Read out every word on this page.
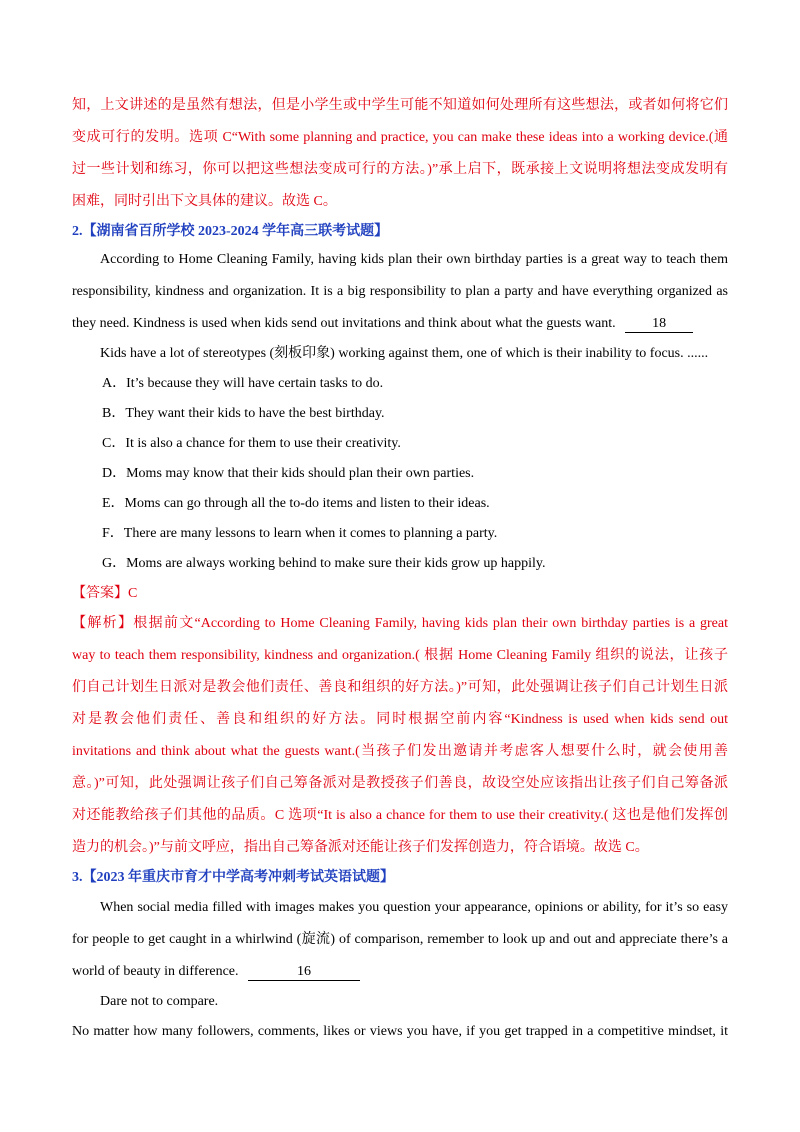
知，上文讲述的是虽然有想法，但是小学生或中学生可能不知道如何处理所有这些想法，或者如何将它们
变成可行的发明。选项 C“With some planning and practice, you can make these ideas into a working device.(通
过一些计划和练习，你可以把这些想法变成可行的方法。)”承上启下，既承接上文说明将想法变成发明有
困难，同时引出下文具体的建议。故选 C。
2.【湖南省百所学校 2023-2024 学年高三联考试题】
According to Home Cleaning Family, having kids plan their own birthday parties is a great way to teach them
responsibility, kindness and organization. It is a big responsibility to plan a party and have everything organized as
they need. Kindness is used when kids send out invitations and think about what the guests want.	18
Kids have a lot of stereotypes (刻板印象) working against them, one of which is their inability to focus. ......
A．It’s because they will have certain tasks to do.
B．They want their kids to have the best birthday.
C．It is also a chance for them to use their creativity.
D．Moms may know that their kids should plan their own parties.
E．Moms can go through all the to-do items and listen to their ideas.
F．There are many lessons to learn when it comes to planning a party.
G．Moms are always working behind to make sure their kids grow up happily.
【答案】C
【解析】根据前文“According to Home Cleaning Family, having kids plan their own birthday parties is a great
way to teach them responsibility, kindness and organization.( 根据 Home Cleaning Family 组织的说法，让孩子
们自己计划生日派对是教会他们责任、善良和组织的好方法。)”可知，此处强调让孩子们自己计划生日派
对是教会他们责任、善良和组织的好方法。同时根据空前内容“Kindness is used when kids send out
invitations and think about what the guests want.(当孩子们发出邀请并考虑客人想要什么时，就会使用善
意。)”可知，此处强调让孩子们自己筹备派对是教授孩子们善良，故设空处应该指出让孩子们自己筹备派
对还能教给孩子们其他的品质。C 选项“It is also a chance for them to use their creativity.( 这也是他们发挥创
造力的机会。)”与前文呼应，指出自己筹备派对还能让孩子们发挥创造力，符合语境。故选 C。
3.【2023 年重庆市育才中学高考冲刺考试英语试题】
When social media filled with images makes you question your appearance, opinions or ability, for it’s so easy
for people to get caught in a whirlwind (旋流) of comparison, remember to look up and out and appreciate there’s a
world of beauty in difference.	16
Dare not to compare.
No matter how many followers, comments, likes or views you have, if you get trapped in a competitive mindset, it
